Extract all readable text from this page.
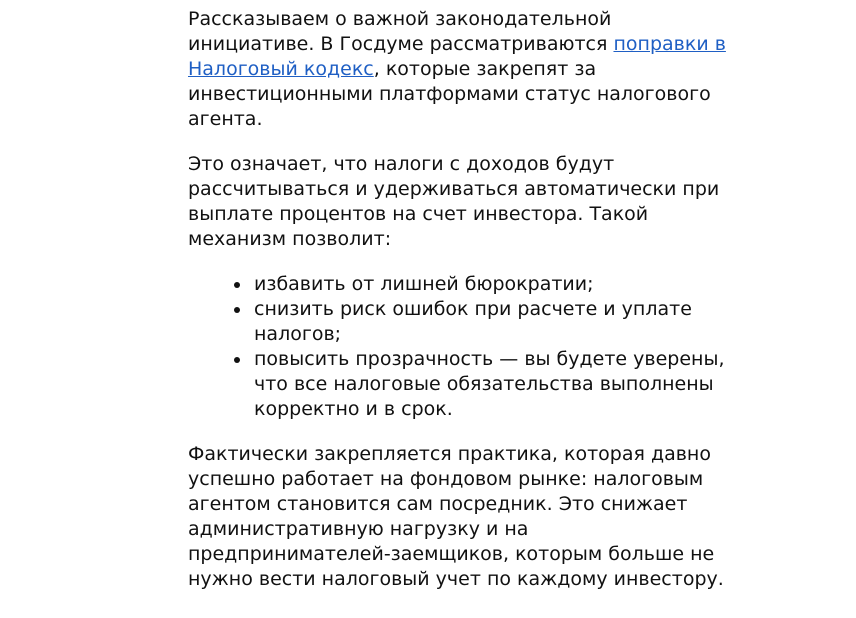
Рассказываем о важной законодательной инициативе. В Госдуме рассматриваются поправки в Налоговый кодекс, которые закрепят за инвестиционными платформами статус налогового агента.

Это означает, что налоги с доходов будут рассчитываться и удерживаться автоматически при выплате процентов на счет инвестора. Такой механизм позволит:

избавить от лишней бюрократии;
снизить риск ошибок при расчете и уплате налогов;
повысить прозрачность — вы будете уверены, что все налоговые обязательства выполнены корректно и в срок.

Фактически закрепляется практика, которая давно успешно работает на фондовом рынке: налоговым агентом становится сам посредник. Это снижает административную нагрузку и на предпринимателей-заемщиков, которым больше не нужно вести налоговый учет по каждому инвестору.
